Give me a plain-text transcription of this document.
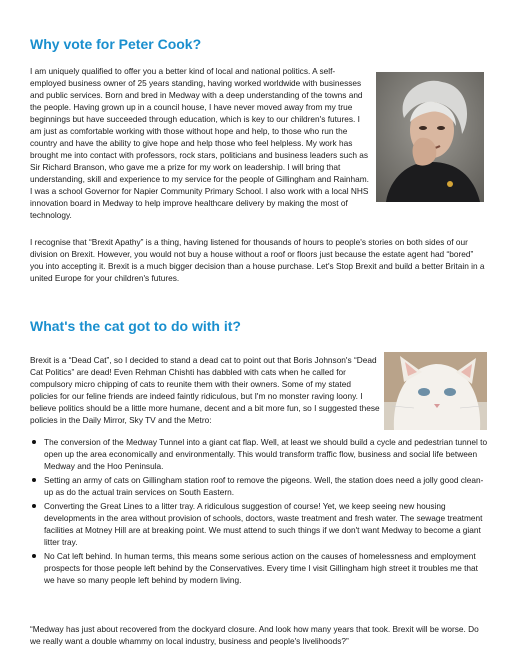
Why vote for Peter Cook?

I am uniquely qualified to offer you a better kind of local and national politics. A self-employed business owner of 25 years standing, having worked worldwide with businesses and public services. Born and bred in Medway with a deep understanding of the towns and the people. Having grown up in a council house, I have never moved away from my true beginnings but have succeeded through education, which is key to our children's futures. I am just as comfortable working with those without hope and help, to those who run the country and have the ability to give hope and help those who feel helpless. My work has brought me into contact with professors, rock stars, politicians and business leaders such as Sir Richard Branson, who gave me a prize for my work on leadership. I will bring that understanding, skill and experience to my service for the people of Gillingham and Rainham. I was a school Governor for Napier Community Primary School. I also work with a local NHS innovation board in Medway to help improve healthcare delivery by making the most of technology.

I recognise that “Brexit Apathy” is a thing, having listened for thousands of hours to people's stories on both sides of our division on Brexit. However, you would not buy a house without a roof or floors just because the estate agent had “bored” you into accepting it. Brexit is a much bigger decision than a house purchase. Let's Stop Brexit and build a better Britain in a united Europe for your children's futures.

What's the cat got to do with it?

Brexit is a “Dead Cat”, so I decided to stand a dead cat to point out that Boris Johnson's “Dead Cat Politics” are dead! Even Rehman Chishti has dabbled with cats when he called for compulsory micro chipping of cats to reunite them with their owners. Some of my stated policies for our feline friends are indeed faintly ridiculous, but I'm no monster raving loony. I believe politics should be a little more humane, decent and a bit more fun, so I suggested these policies in the Daily Mirror, Sky TV and the Metro:

The conversion of the Medway Tunnel into a giant cat flap. Well, at least we should build a cycle and pedestrian tunnel to open up the area economically and environmentally. This would transform traffic flow, business and social life between Medway and the Hoo Peninsula.
Setting an army of cats on Gillingham station roof to remove the pigeons. Well, the station does need a jolly good clean-up as do the actual train services on South Eastern.
Converting the Great Lines to a litter tray. A ridiculous suggestion of course! Yet, we keep seeing new housing developments in the area without provision of schools, doctors, waste treatment and fresh water. The sewage treatment facilities at Motney Hill are at breaking point. We must attend to such things if we don't want Medway to become a giant litter tray.
No Cat left behind. In human terms, this means some serious action on the causes of homelessness and employment prospects for those people left behind by the Conservatives. Every time I visit Gillingham high street it troubles me that we have so many people left behind by modern living.

“Medway has just about recovered from the dockyard closure. And look how many years that took. Brexit will be worse. Do we really want a double whammy on local industry, business and people's livelihoods?”
